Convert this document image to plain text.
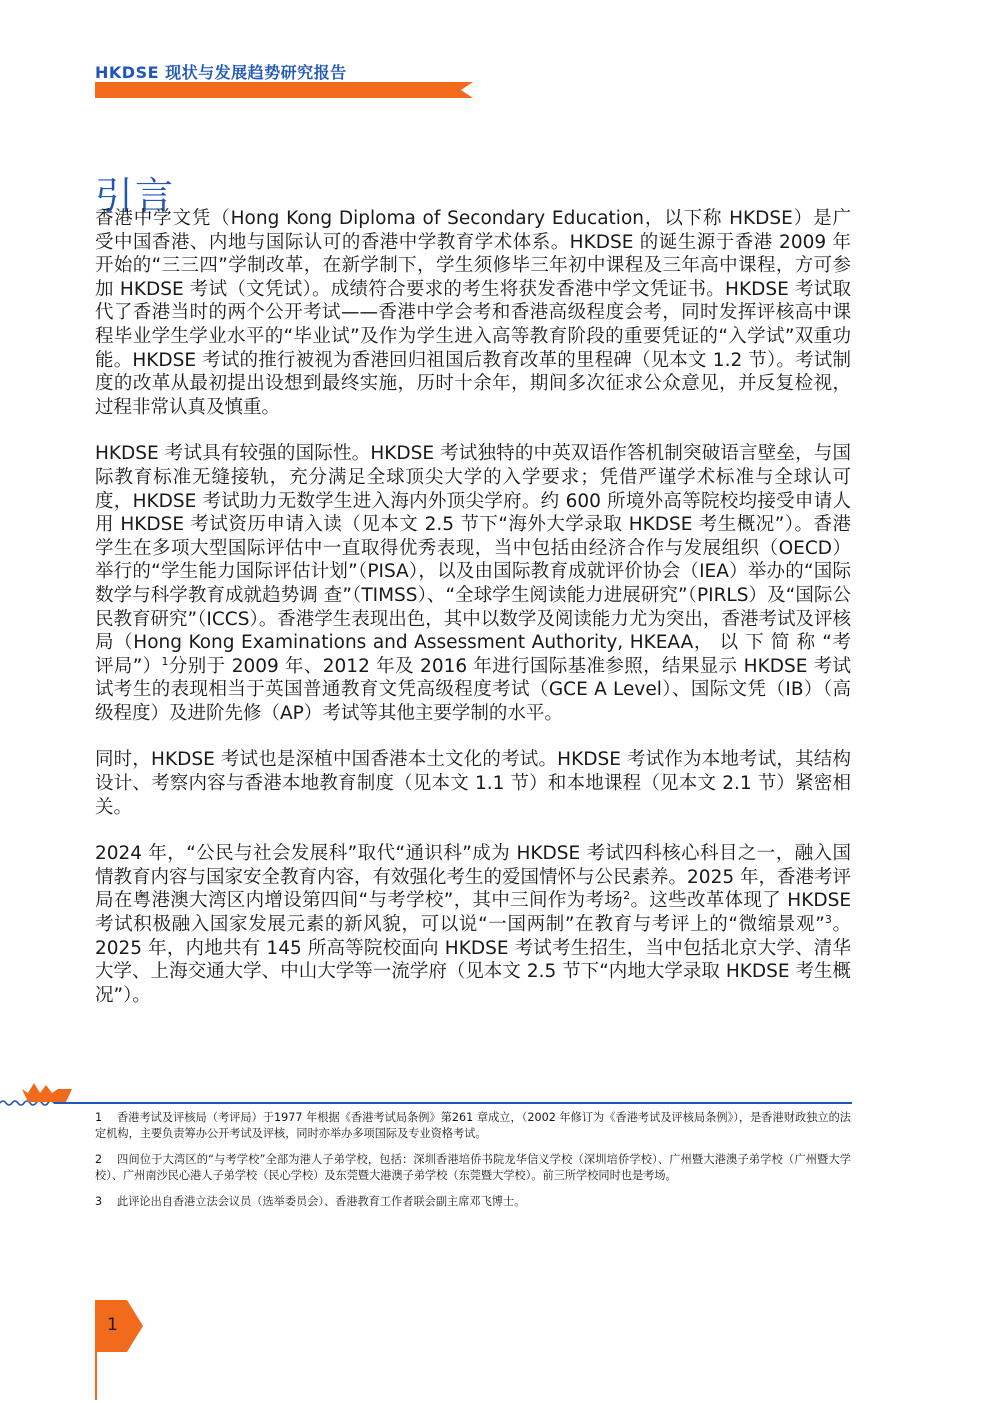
HKDSE 现状与发展趋势研究报告
引言

香港中学文凭（Hong Kong Diploma of Secondary Education，以下称 HKDSE）是广受中国香港、内地与国际认可的香港中学教育学术体系。HKDSE 的诞生源于香港 2009 年开始的“三三四”学制改革，在新学制下，学生须修毕三年初中课程及三年高中课程，方可参加 HKDSE 考试（文凭试）。成绩符合要求的考生将获发香港中学文凭证书。HKDSE 考试取代了香港当时的两个公开考试——香港中学会考和香港高级程度会考，同时发挥评核高中课程毕业学生学业水平的“毕业试”及作为学生进入高等教育阶段的重要凭证的“入学试”双重功能。HKDSE 考试的推行被视为香港回归祖国后教育改革的里程碑（见本文 1.2 节）。考试制度的改革从最初提出设想到最终实施，历时十余年，期间多次征求公众意见，并反复检视，过程非常认真及慎重。

HKDSE 考试具有较强的国际性。HKDSE 考试独特的中英双语作答机制突破语言壁垒，与国际教育标准无缝接轨，充分满足全球顶尖大学的入学要求；凭借严谨学术标准与全球认可度，HKDSE 考试助力无数学生进入海内外顶尖学府。约 600 所境外高等院校均接受申请人用 HKDSE 考试资历申请入读（见本文 2.5 节下“海外大学录取 HKDSE 考生概况”）。香港学生在多项大型国际评估中一直取得优秀表现，当中包括由经济合作与发展组织（OECD）举行的“学生能力国际评估计划”（PISA），以及由国际教育成就评价协会（IEA）举办的“国际数学与科学教育成就趋势调 查”（TIMSS）、“全球学生阅读能力进展研究”（PIRLS）及“国际公民教育研究”（ICCS）。香港学生表现出色，其中以数学及阅读能力尤为突出，香港考试及评核局（Hong Kong Examinations and Assessment Authority, HKEAA， 以 下 简 称 “考评局”）$^1$分别于 2009 年、2012 年及 2016 年进行国际基准参照，结果显示 HKDSE 考试试考生的表现相当于英国普通教育文凭高级程度考试（GCE A Level）、国际文凭（IB）（高级程度）及进阶先修（AP）考试等其他主要学制的水平。

同时，HKDSE 考试也是深植中国香港本土文化的考试。HKDSE 考试作为本地考试，其结构设计、考察内容与香港本地教育制度（见本文 1.1 节）和本地课程（见本文 2.1 节）紧密相关。

2024 年，“公民与社会发展科”取代“通识科”成为 HKDSE 考试四科核心科目之一，融入国情教育内容与国家安全教育内容，有效强化考生的爱国情怀与公民素养。2025 年，香港考评局在粤港澳大湾区内增设第四间“与考学校”，其中三间作为考场$^2$。这些改革体现了 HKDSE 考试积极融入国家发展元素的新风貌，可以说“一国两制”在教育与考评上的“微缩景观”$^3$。2025 年，内地共有 145 所高等院校面向 HKDSE 考试考生招生，当中包括北京大学、清华大学、上海交通大学、中山大学等一流学府（见本文 2.5 节下“内地大学录取 HKDSE 考生概况”）。

1 香港考试及评核局（考评局）于1977 年根据《香港考试局条例》第261 章成立，（2002 年修订为《香港考试及评核局条例》），是香港财政独立的法定机构，主要负责筹办公开考试及评核，同时亦举办多项国际及专业资格考试。
2 四间位于大湾区的“与考学校”全部为港人子弟学校，包括：深圳香港培侨书院龙华信义学校（深圳培侨学校）、广州暨大港澳子弟学校（广州暨大学校）、广州南沙民心港人子弟学校（民心学校）及东莞暨大港澳子弟学校（东莞暨大学校）。前三所学校同时也是考场。
3 此评论出自香港立法会议员（选举委员会）、香港教育工作者联会副主席邓飞博士。
1
